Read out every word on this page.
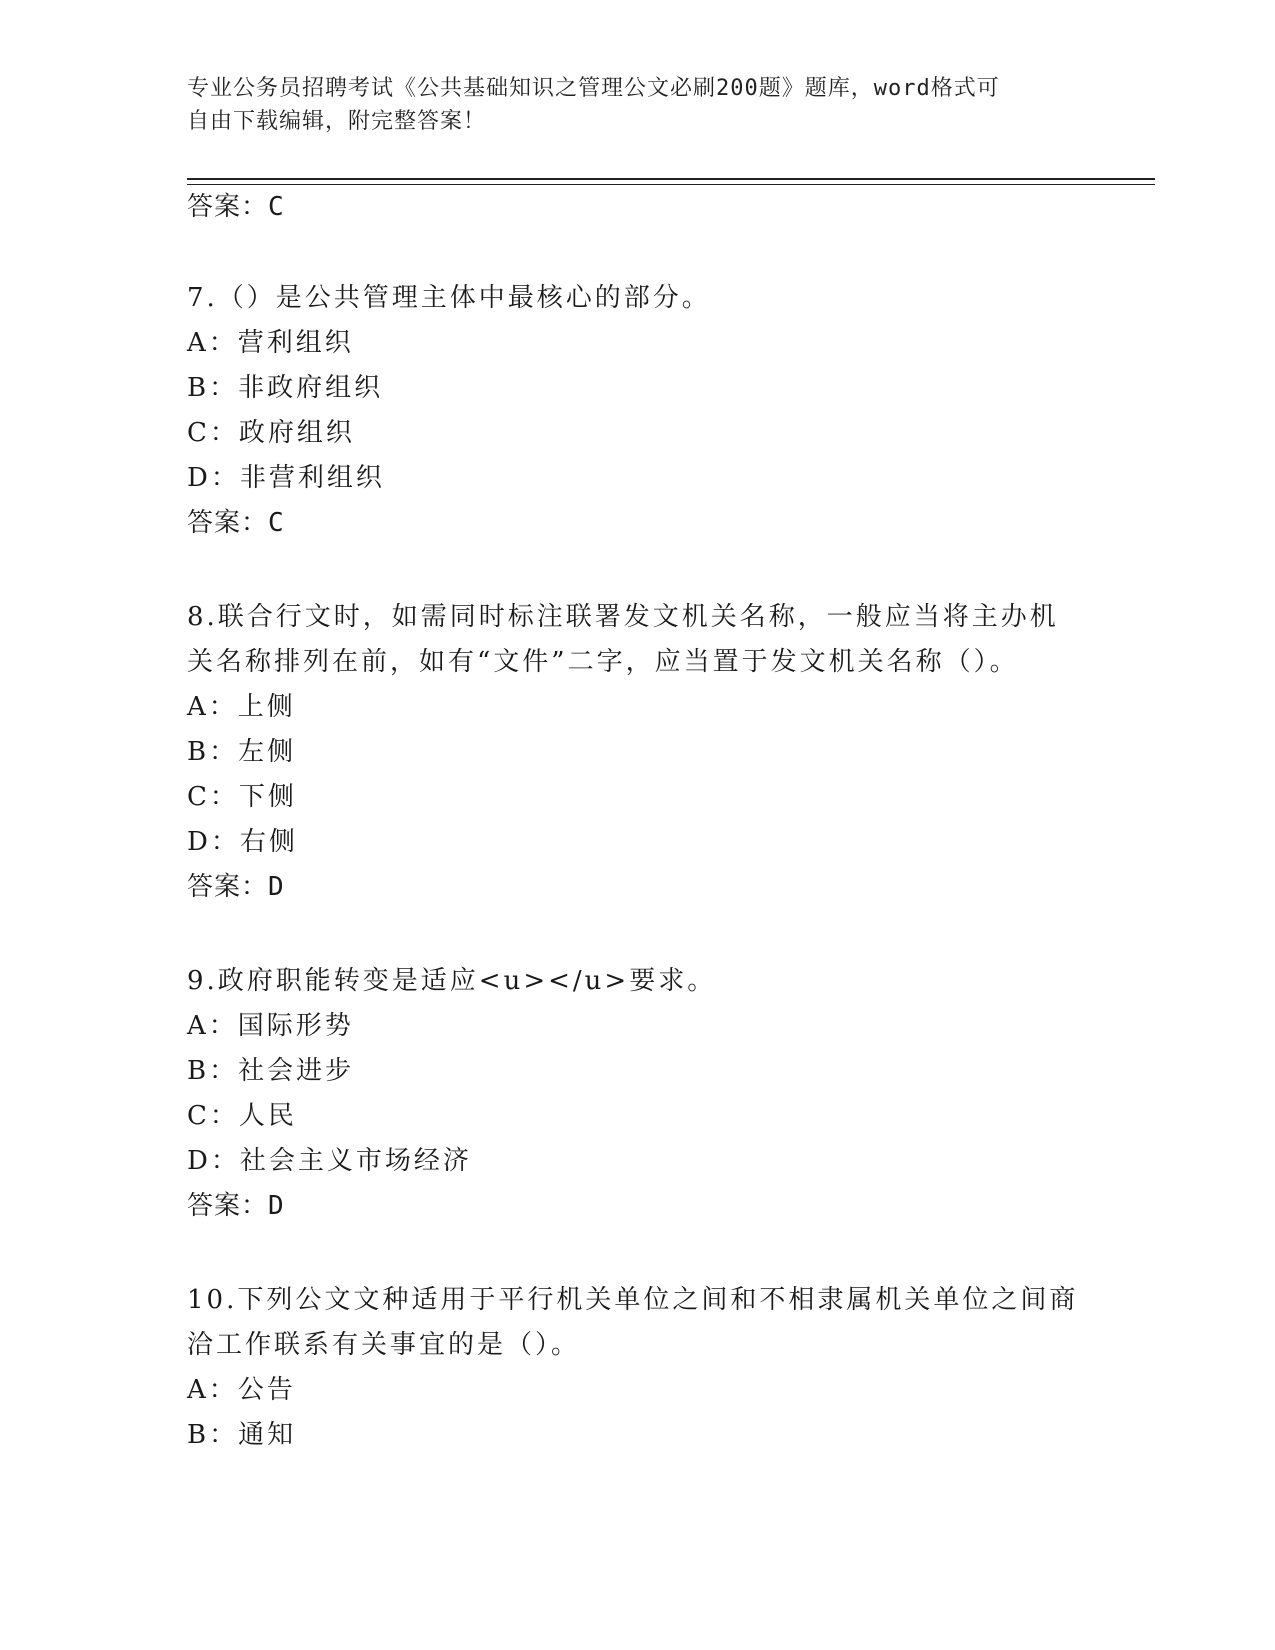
专业公务员招聘考试《公共基础知识之管理公文必刷200题》题库，word格式可
自由下载编辑，附完整答案！
答案：C
7.（）是公共管理主体中最核心的部分。
A：营利组织
B：非政府组织
C：政府组织
D：非营利组织
答案：C
8.联合行文时，如需同时标注联署发文机关名称，一般应当将主办机
关名称排列在前，如有“文件”二字，应当置于发文机关名称（）。
A：上侧
B：左侧
C：下侧
D：右侧
答案：D
9.政府职能转变是适应<u></u>要求。
A：国际形势
B：社会进步
C：人民
D：社会主义市场经济
答案：D
10.下列公文文种适用于平行机关单位之间和不相隶属机关单位之间商
洽工作联系有关事宜的是（）。
A：公告
B：通知
